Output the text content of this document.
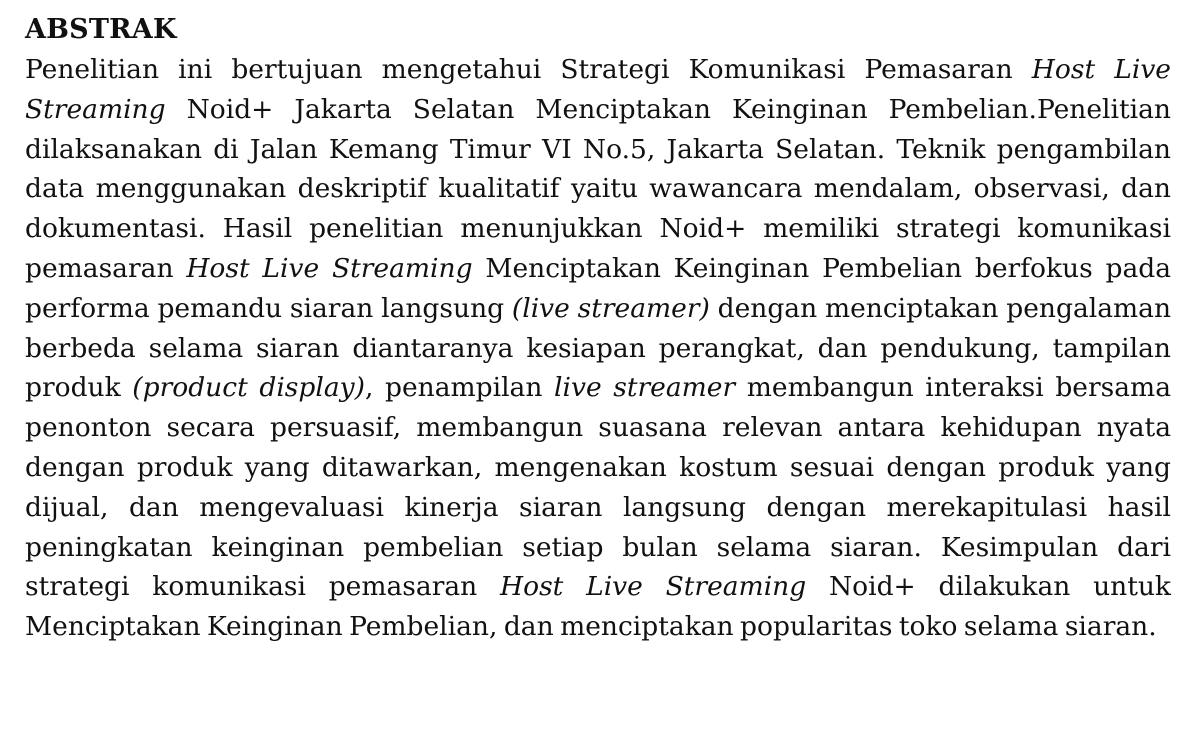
ABSTRAK

Penelitian ini bertujuan mengetahui Strategi Komunikasi Pemasaran Host Live Streaming Noid+ Jakarta Selatan Menciptakan Keinginan Pembelian.Penelitian dilaksanakan di Jalan Kemang Timur VI No.5, Jakarta Selatan. Teknik pengambilan data menggunakan deskriptif kualitatif yaitu wawancara mendalam, observasi, dan dokumentasi. Hasil penelitian menunjukkan Noid+ memiliki strategi komunikasi pemasaran Host Live Streaming Menciptakan Keinginan Pembelian berfokus pada performa pemandu siaran langsung (live streamer) dengan menciptakan pengalaman berbeda selama siaran diantaranya kesiapan perangkat, dan pendukung, tampilan produk (product display), penampilan live streamer membangun interaksi bersama penonton secara persuasif, membangun suasana relevan antara kehidupan nyata dengan produk yang ditawarkan, mengenakan kostum sesuai dengan produk yang dijual, dan mengevaluasi kinerja siaran langsung dengan merekapitulasi hasil peningkatan keinginan pembelian setiap bulan selama siaran. Kesimpulan dari strategi komunikasi pemasaran Host Live Streaming Noid+ dilakukan untuk Menciptakan Keinginan Pembelian, dan menciptakan popularitas toko selama siaran.
